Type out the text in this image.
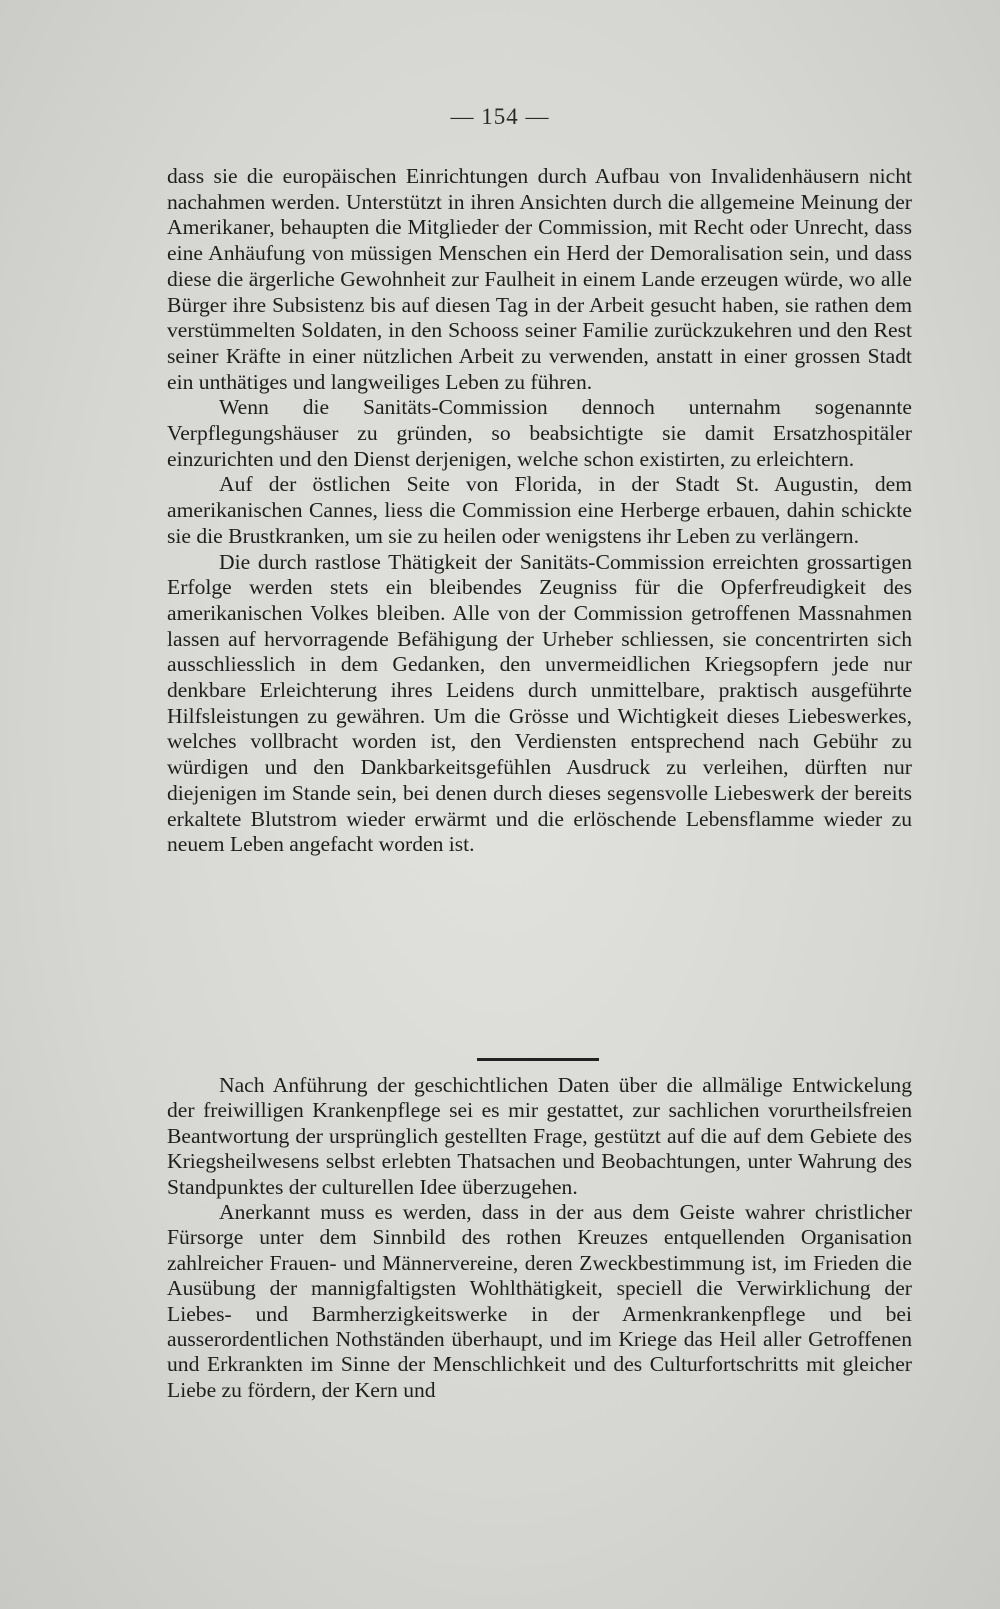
— 154 —

dass sie die europäischen Einrichtungen durch Aufbau von Invalidenhäusern nicht nachahmen werden. Unterstützt in ihren Ansichten durch die allgemeine Meinung der Amerikaner, behaupten die Mitglieder der Commission, mit Recht oder Unrecht, dass eine Anhäufung von müssigen Menschen ein Herd der Demoralisation sein, und dass diese die ärgerliche Gewohnheit zur Faulheit in einem Lande erzeugen würde, wo alle Bürger ihre Subsistenz bis auf diesen Tag in der Arbeit gesucht haben, sie rathen dem verstümmelten Soldaten, in den Schooss seiner Familie zurückzukehren und den Rest seiner Kräfte in einer nützlichen Arbeit zu verwenden, anstatt in einer grossen Stadt ein unthätiges und langweiliges Leben zu führen.

Wenn die Sanitäts-Commission dennoch unternahm sogenannte Verpflegungshäuser zu gründen, so beabsichtigte sie damit Ersatzhospitäler einzurichten und den Dienst derjenigen, welche schon existirten, zu erleichtern.

Auf der östlichen Seite von Florida, in der Stadt St. Augustin, dem amerikanischen Cannes, liess die Commission eine Herberge erbauen, dahin schickte sie die Brustkranken, um sie zu heilen oder wenigstens ihr Leben zu verlängern.

Die durch rastlose Thätigkeit der Sanitäts-Commission erreichten grossartigen Erfolge werden stets ein bleibendes Zeugniss für die Opferfreudigkeit des amerikanischen Volkes bleiben. Alle von der Commission getroffenen Massnahmen lassen auf hervorragende Befähigung der Urheber schliessen, sie concentrirten sich ausschliesslich in dem Gedanken, den unvermeidlichen Kriegsopfern jede nur denkbare Erleichterung ihres Leidens durch unmittelbare, praktisch ausgeführte Hilfsleistungen zu gewähren. Um die Grösse und Wichtigkeit dieses Liebeswerkes, welches vollbracht worden ist, den Verdiensten entsprechend nach Gebühr zu würdigen und den Dankbarkeitsgefühlen Ausdruck zu verleihen, dürften nur diejenigen im Stande sein, bei denen durch dieses segensvolle Liebeswerk der bereits erkaltete Blutstrom wieder erwärmt und die erlöschende Lebensflamme wieder zu neuem Leben angefacht worden ist.

Nach Anführung der geschichtlichen Daten über die allmälige Entwickelung der freiwilligen Krankenpflege sei es mir gestattet, zur sachlichen vorurtheilsfreien Beantwortung der ursprünglich gestellten Frage, gestützt auf die auf dem Gebiete des Kriegsheilwesens selbst erlebten Thatsachen und Beobachtungen, unter Wahrung des Standpunktes der culturellen Idee überzugehen.

Anerkannt muss es werden, dass in der aus dem Geiste wahrer christlicher Fürsorge unter dem Sinnbild des rothen Kreuzes entquellenden Organisation zahlreicher Frauen- und Männervereine, deren Zweckbestimmung ist, im Frieden die Ausübung der mannigfaltigsten Wohlthätigkeit, speciell die Verwirklichung der Liebes- und Barmherzigkeitswerke in der Armenkrankenpflege und bei ausserordentlichen Nothständen überhaupt, und im Kriege das Heil aller Getroffenen und Erkrankten im Sinne der Menschlichkeit und des Culturfortschritts mit gleicher Liebe zu fördern, der Kern und
